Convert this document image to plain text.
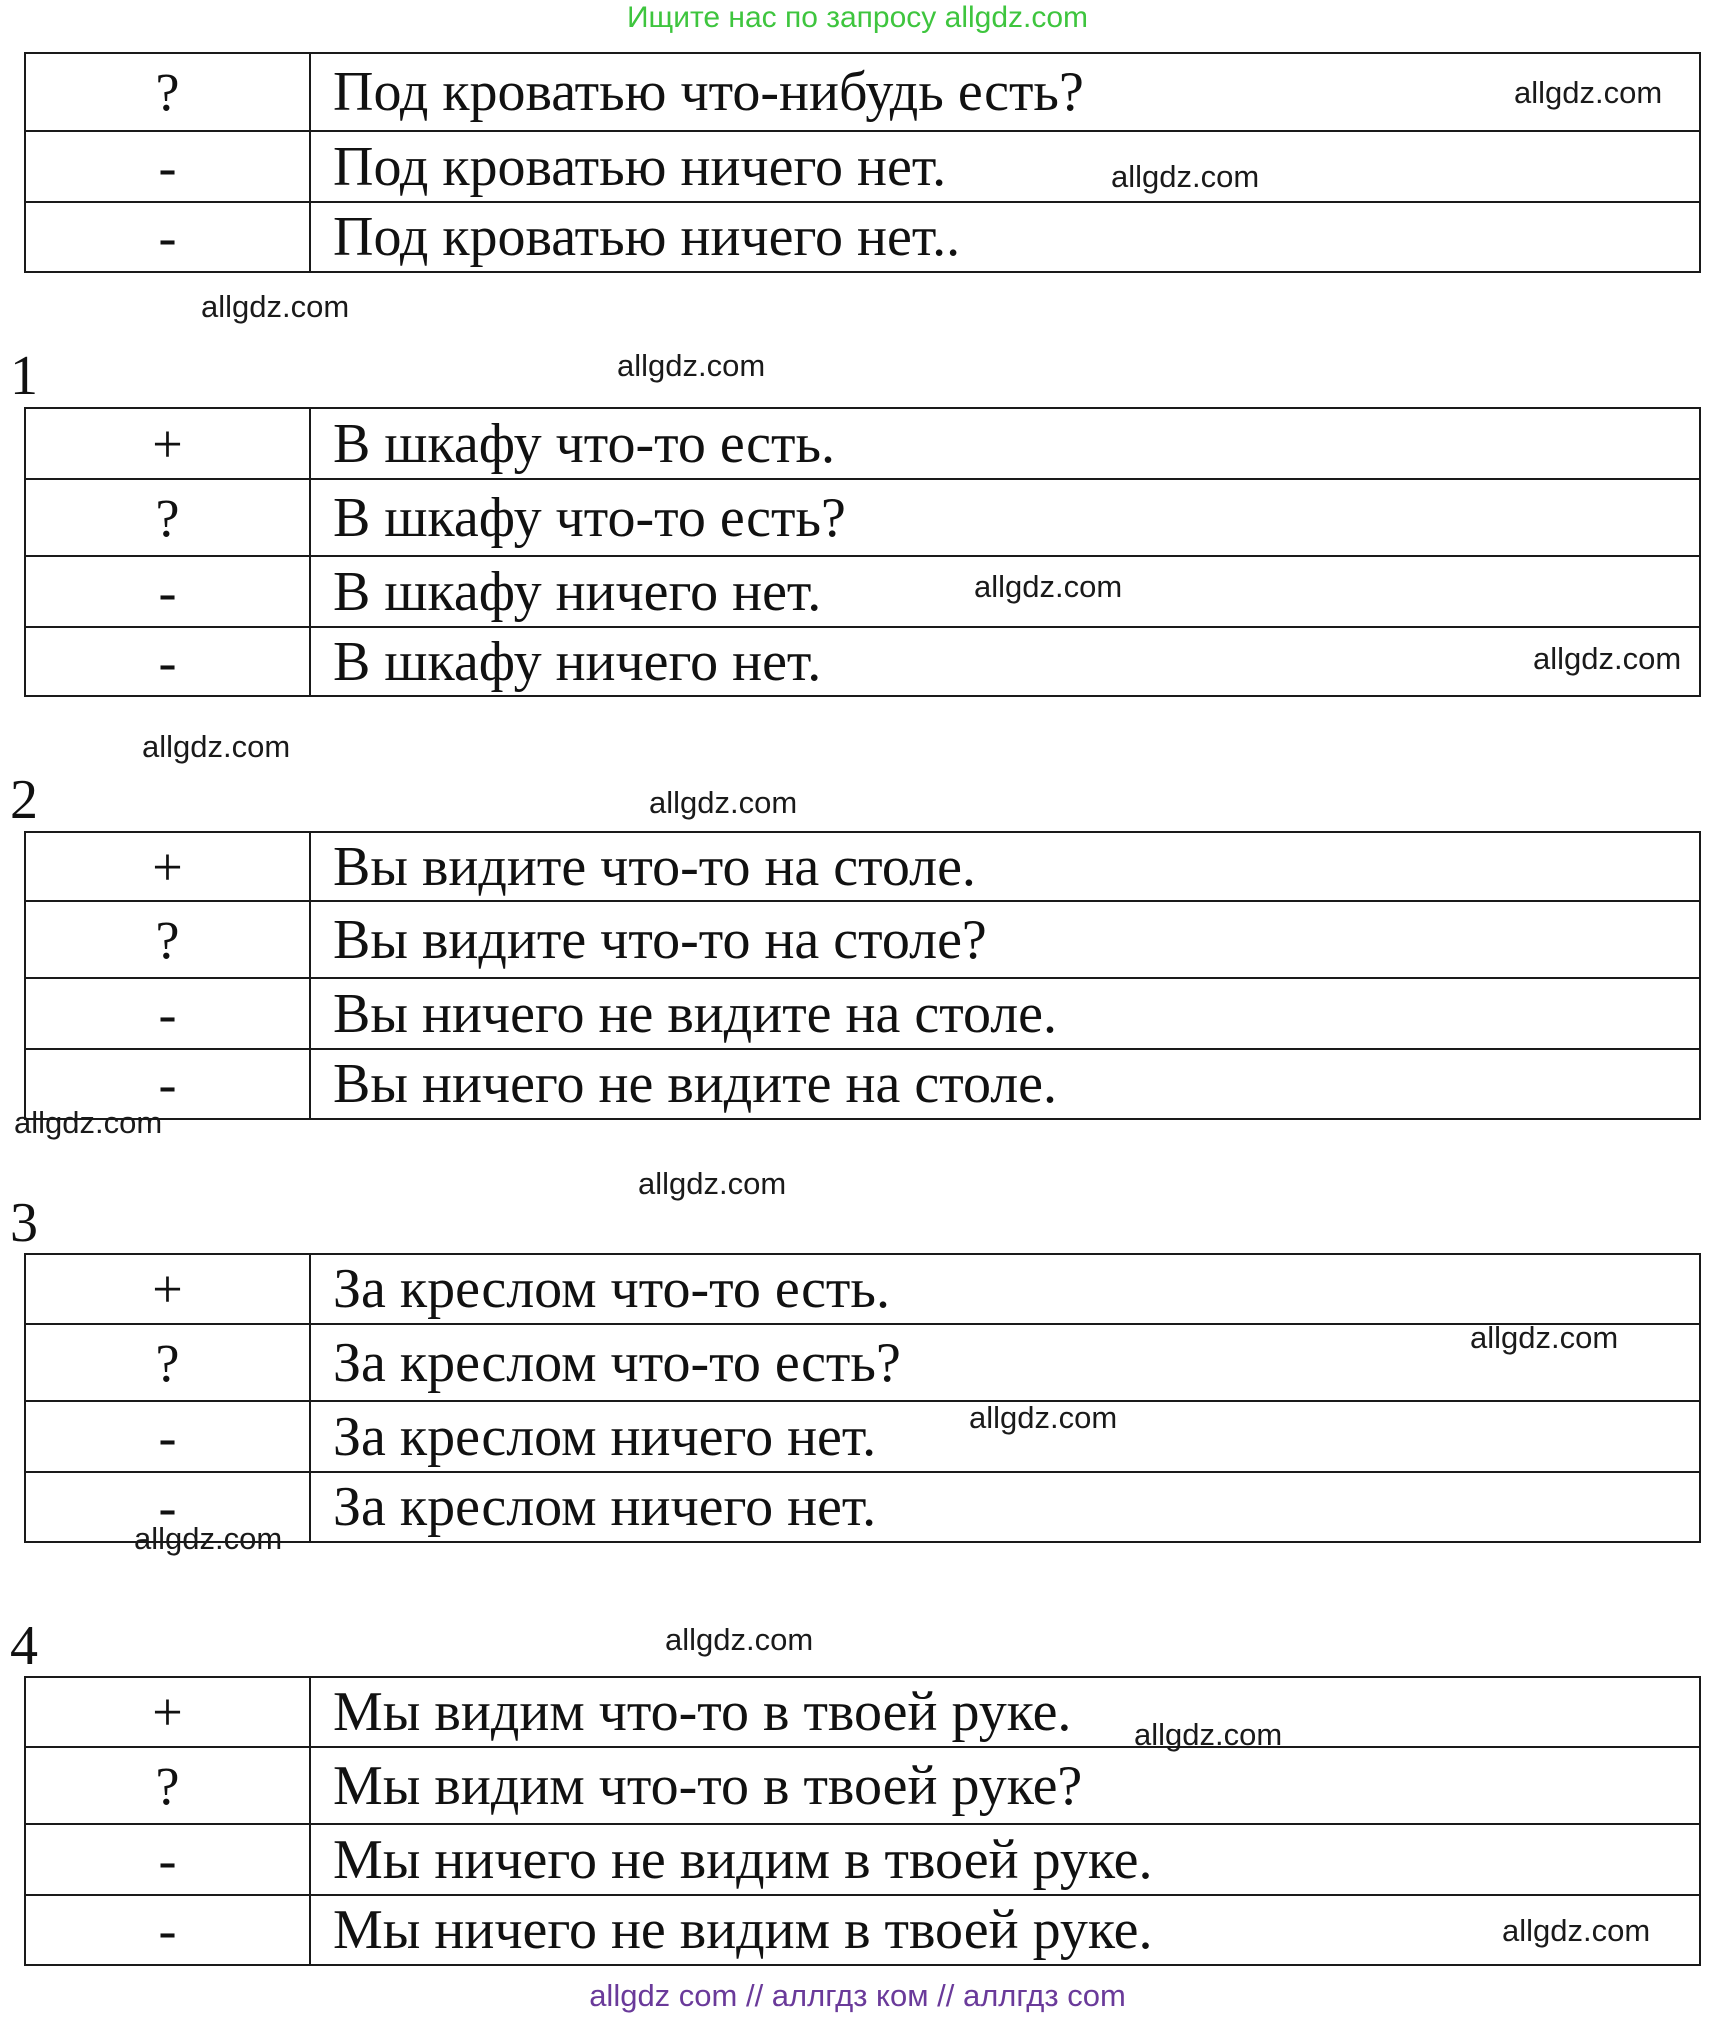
Ищите нас по запросу allgdz.com
?	Под кроватью что-нибудь есть?
-	Под кроватью ничего нет.
-	Под кроватью ничего нет..
1
+	В шкафу что-то есть.
?	В шкафу что-то есть?
-	В шкафу ничего нет.
-	В шкафу ничего нет.
2
+	Вы видите что-то на столе.
?	Вы видите что-то на столе?
-	Вы ничего не видите на столе.
-	Вы ничего не видите на столе.
3
+	За креслом что-то есть.
?	За креслом что-то есть?
-	За креслом ничего нет.
-	За креслом ничего нет.
4
+	Мы видим что-то в твоей руке.
?	Мы видим что-то в твоей руке?
-	Мы ничего не видим в твоей руке.
-	Мы ничего не видим в твоей руке.
allgdz.com
allgdz.com
allgdz.com
allgdz.com
allgdz.com
allgdz.com
allgdz.com
allgdz.com
allgdz.com
allgdz.com
allgdz.com
allgdz.com
allgdz.com
allgdz.com
allgdz.com
allgdz.com
allgdz com // аллгдз ком // аллгдз com
